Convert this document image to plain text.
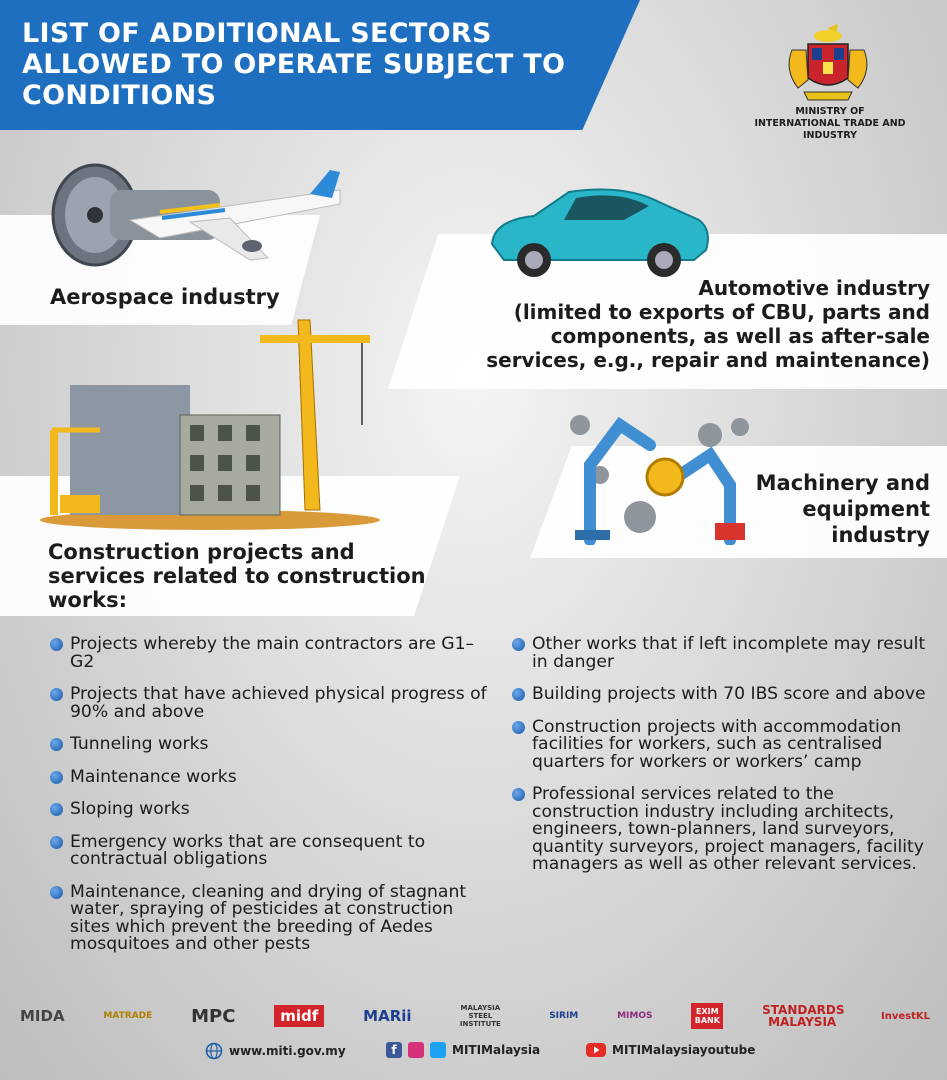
LIST OF ADDITIONAL SECTORS ALLOWED TO OPERATE SUBJECT TO CONDITIONS
MINISTRY OF
INTERNATIONAL TRADE AND INDUSTRY
Aerospace industry	Automotive industry
(limited to exports of CBU, parts and
components, as well as after-sale
services, e.g., repair and maintenance)
Construction projects and services related to construction works:
Machinery and
equipment
industry
Projects whereby the main contractors are G1–G2
Projects that have achieved physical progress of 90% and above
Tunneling works
Maintenance works
Sloping works
Emergency works that are consequent to contractual obligations
Maintenance, cleaning and drying of stagnant water, spraying of pesticides at construction sites which prevent the breeding of Aedes mosquitoes and other pests
Other works that if left incomplete may result in danger
Building projects with 70 IBS score and above
Construction projects with accommodation facilities for workers, such as centralised quarters for workers or workers’ camp
Professional services related to the construction industry including architects, engineers, town-planners, land surveyors, quantity surveyors, project managers, facility managers as well as other relevant services.
MIDA	MATRADE MPC	midf	MARii	MALAYSIA STEEL INSTITUTE
SIRIM	MIMOS	EXIM BANK
STANDARDS MALAYSIA	InvestKL
www.miti.gov.my	f	MITIMalaysia	MITIMalaysiayoutube
